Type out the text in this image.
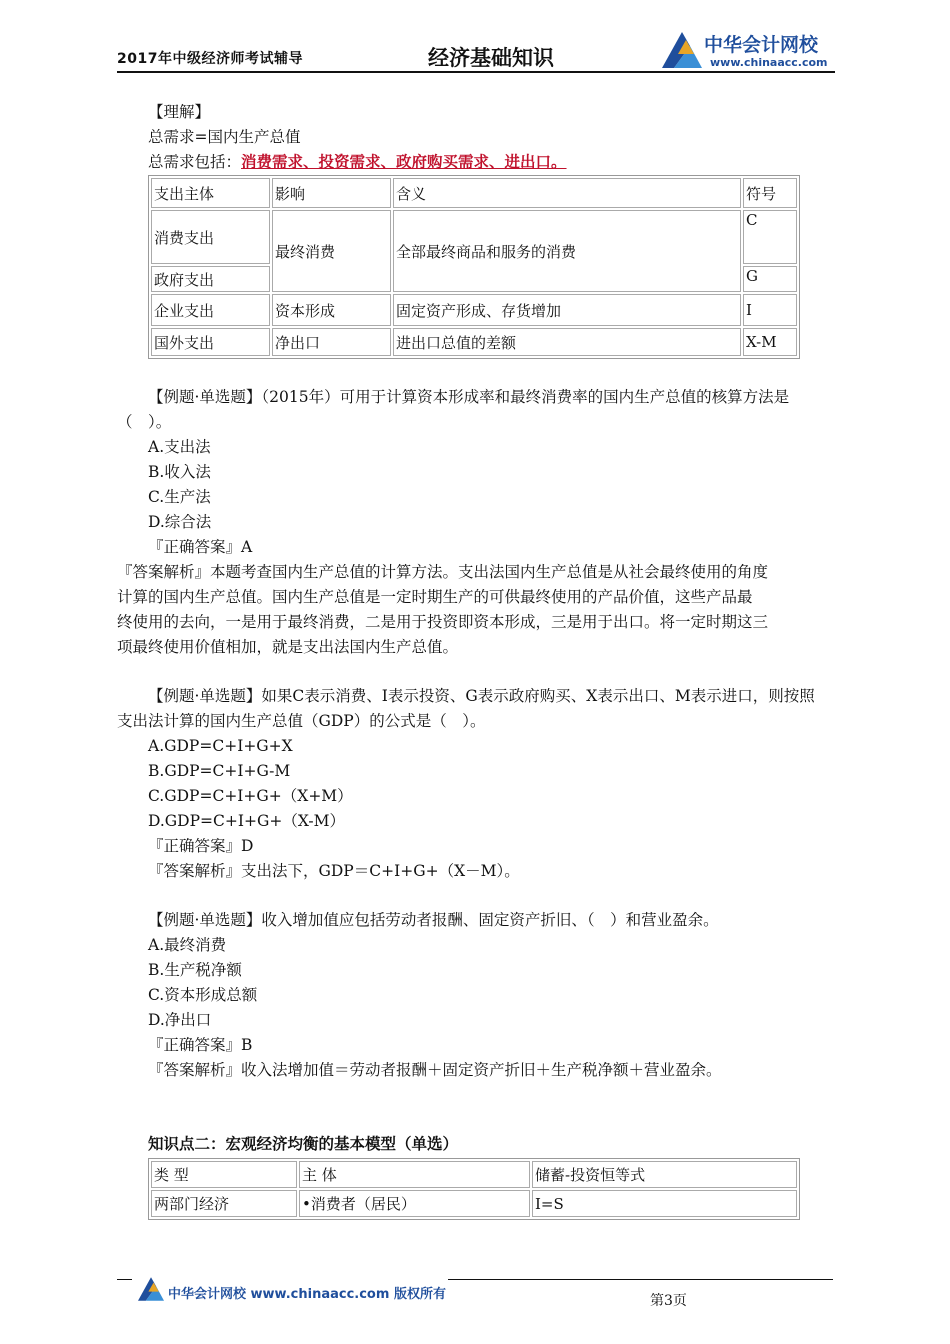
2017年中级经济师考试辅导	经济基础知识
中华会计网校
www.chinaacc.com
【理解】
总需求=国内生产总值
总需求包括：消费需求、投资需求、政府购买需求、进出口。
支出主体	影响	含义	符号
消费支出	最终消费	全部最终商品和服务的消费	C
政府支出			G
企业支出	资本形成	固定资产形成、存货增加	I
国外支出	净出口	进出口总值的差额	X-M
【例题·单选题】（2015年）可用于计算资本形成率和最终消费率的国内生产总值的核算方法是
（　）。
A.支出法
B.收入法
C.生产法
D.综合法
『正确答案』A
『答案解析』本题考查国内生产总值的计算方法。支出法国内生产总值是从社会最终使用的角度
计算的国内生产总值。国内生产总值是一定时期生产的可供最终使用的产品价值，这些产品最
终使用的去向，一是用于最终消费，二是用于投资即资本形成，三是用于出口。将一定时期这三
项最终使用价值相加，就是支出法国内生产总值。
【例题·单选题】如果C表示消费、I表示投资、G表示政府购买、X表示出口、M表示进口，则按照
支出法计算的国内生产总值（GDP）的公式是（　）。
A.GDP=C+I+G+X
B.GDP=C+I+G-M
C.GDP=C+I+G+（X+M）
D.GDP=C+I+G+（X-M）
『正确答案』D
『答案解析』支出法下，GDP＝C+I+G+（X－M）。
【例题·单选题】收入增加值应包括劳动者报酬、固定资产折旧、（　）和营业盈余。
A.最终消费
B.生产税净额
C.资本形成总额
D.净出口
『正确答案』B
『答案解析』收入法增加值＝劳动者报酬＋固定资产折旧＋生产税净额＋营业盈余。
知识点二：宏观经济均衡的基本模型（单选）
类 型	主 体	储蓄-投资恒等式
两部门经济	•消费者（居民）	I=S
中华会计网校 www.chinaacc.com 版权所有	第3页
